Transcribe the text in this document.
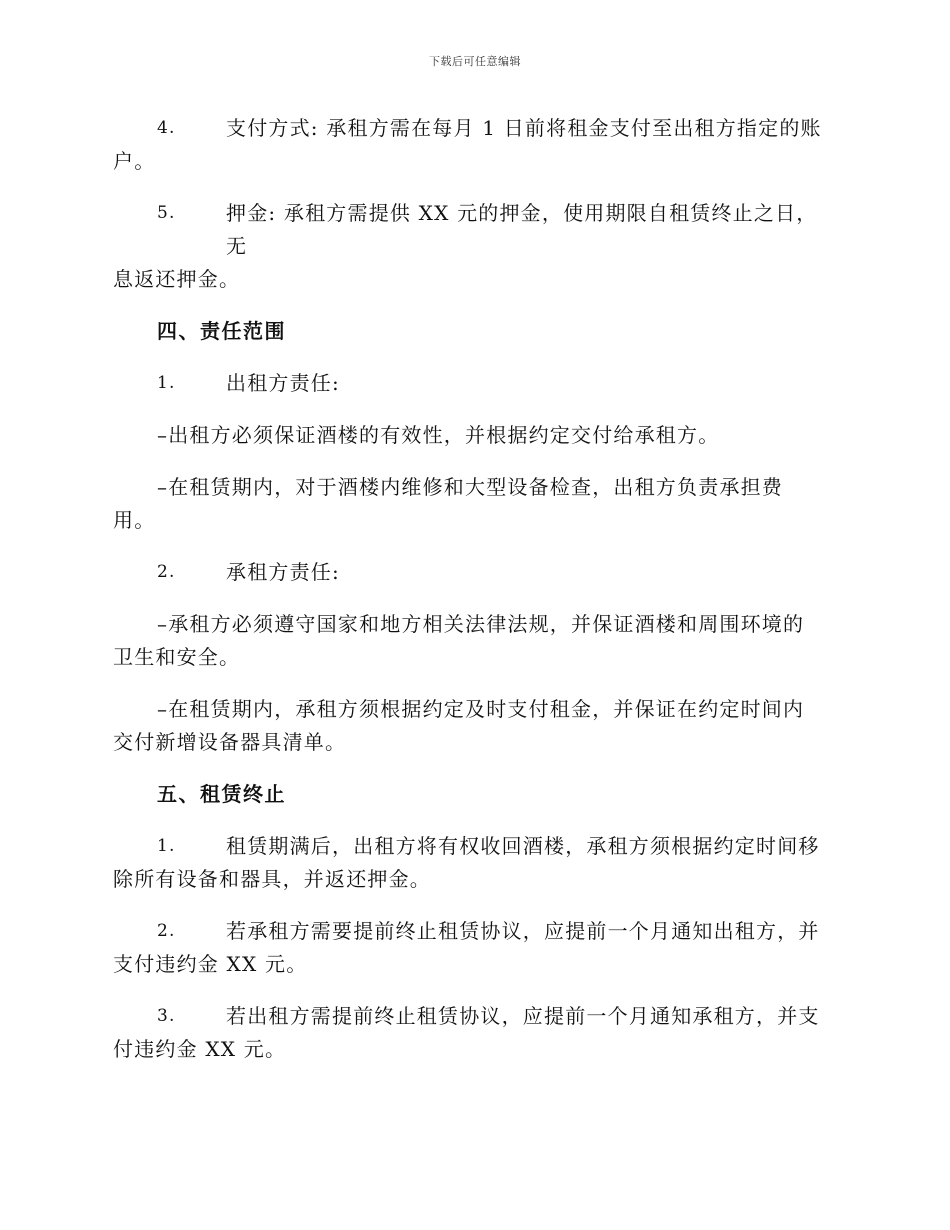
下载后可任意编辑

4.	支付方式: 承租方需在每月 1 日前将租金支付至出租方指定的账

户。

5.	押金: 承租方需提供 XX 元的押金，使用期限自租赁终止之日，无

息返还押金。

四、责任范围

1.	出租方责任:

–出租方必须保证酒楼的有效性，并根据约定交付给承租方。

–在租赁期内，对于酒楼内维修和大型设备检查，出租方负责承担费

用。

2.	承租方责任:

–承租方必须遵守国家和地方相关法律法规，并保证酒楼和周围环境的

卫生和安全。

–在租赁期内，承租方须根据约定及时支付租金，并保证在约定时间内

交付新增设备器具清单。

五、租赁终止

1.	租赁期满后，出租方将有权收回酒楼，承租方须根据约定时间移

除所有设备和器具，并返还押金。

2.	若承租方需要提前终止租赁协议，应提前一个月通知出租方，并

支付违约金 XX 元。

3.	若出租方需提前终止租赁协议，应提前一个月通知承租方，并支

付违约金 XX 元。
